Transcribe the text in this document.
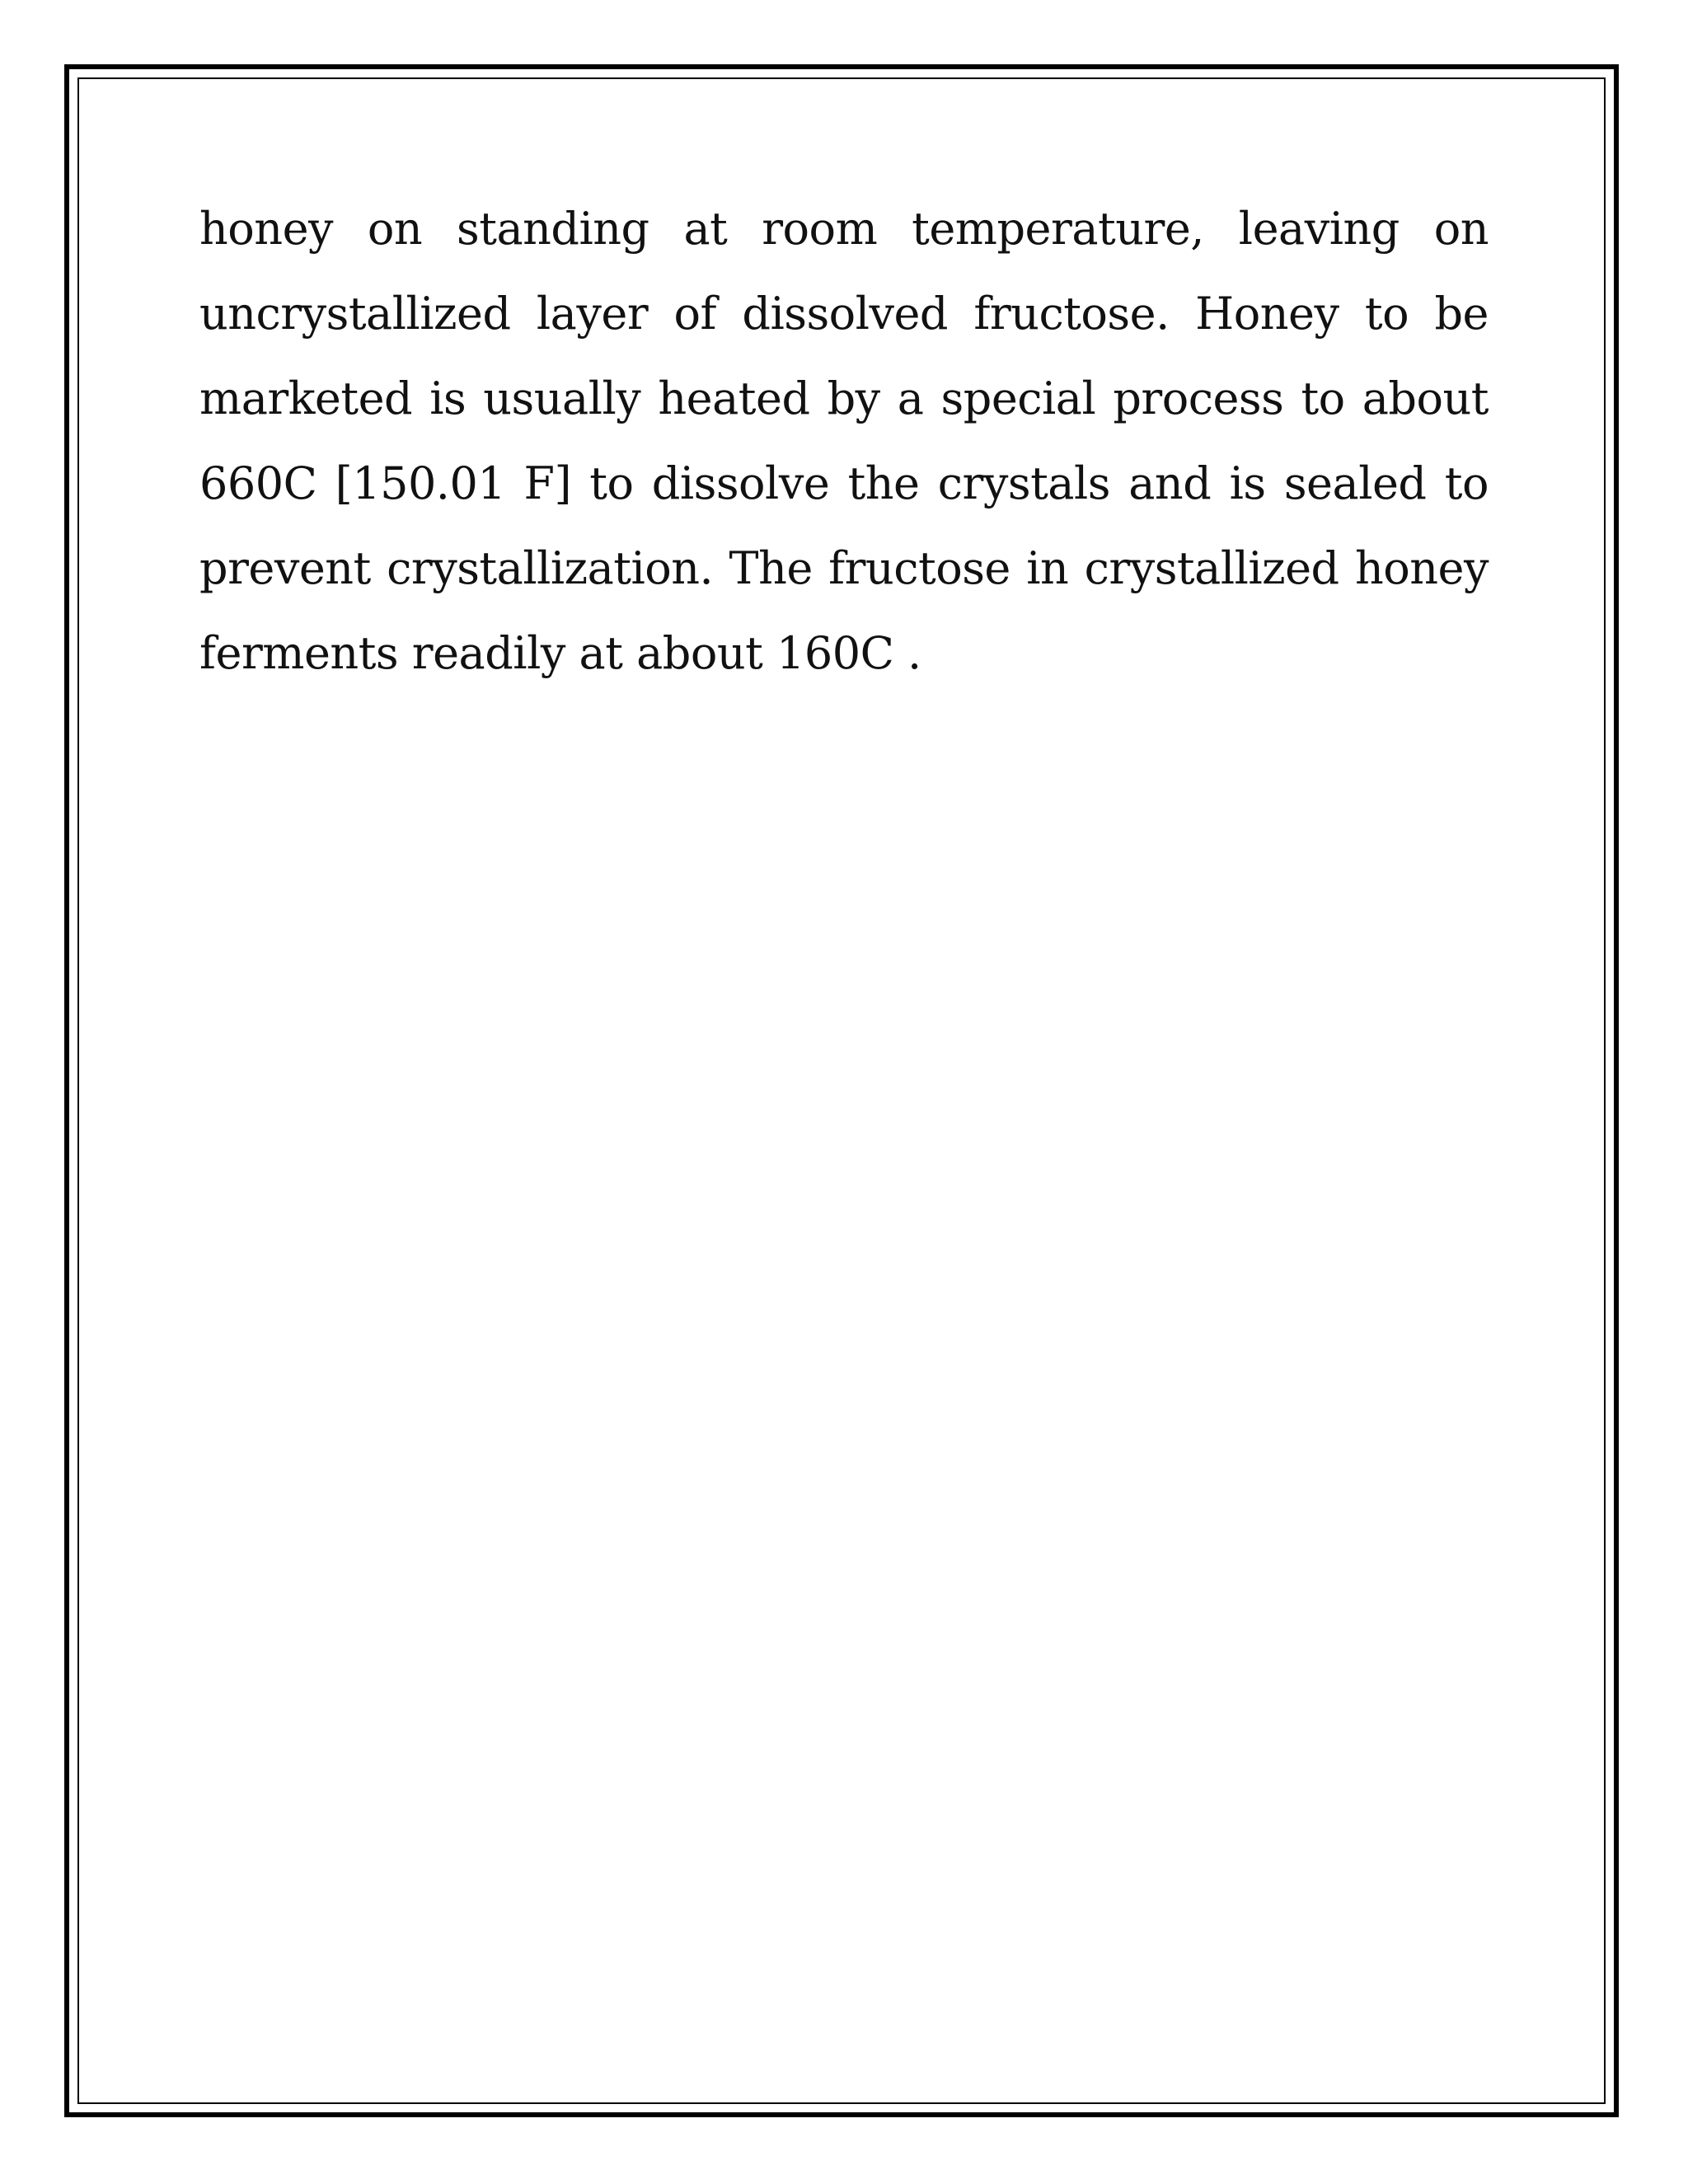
honey on standing at room temperature, leaving on uncrystallized layer of dissolved fructose. Honey to be marketed is usually heated by a special process to about 660C [150.01 F] to dissolve the crystals and is sealed to prevent crystallization. The fructose in crystallized honey ferments readily at about 160C .
